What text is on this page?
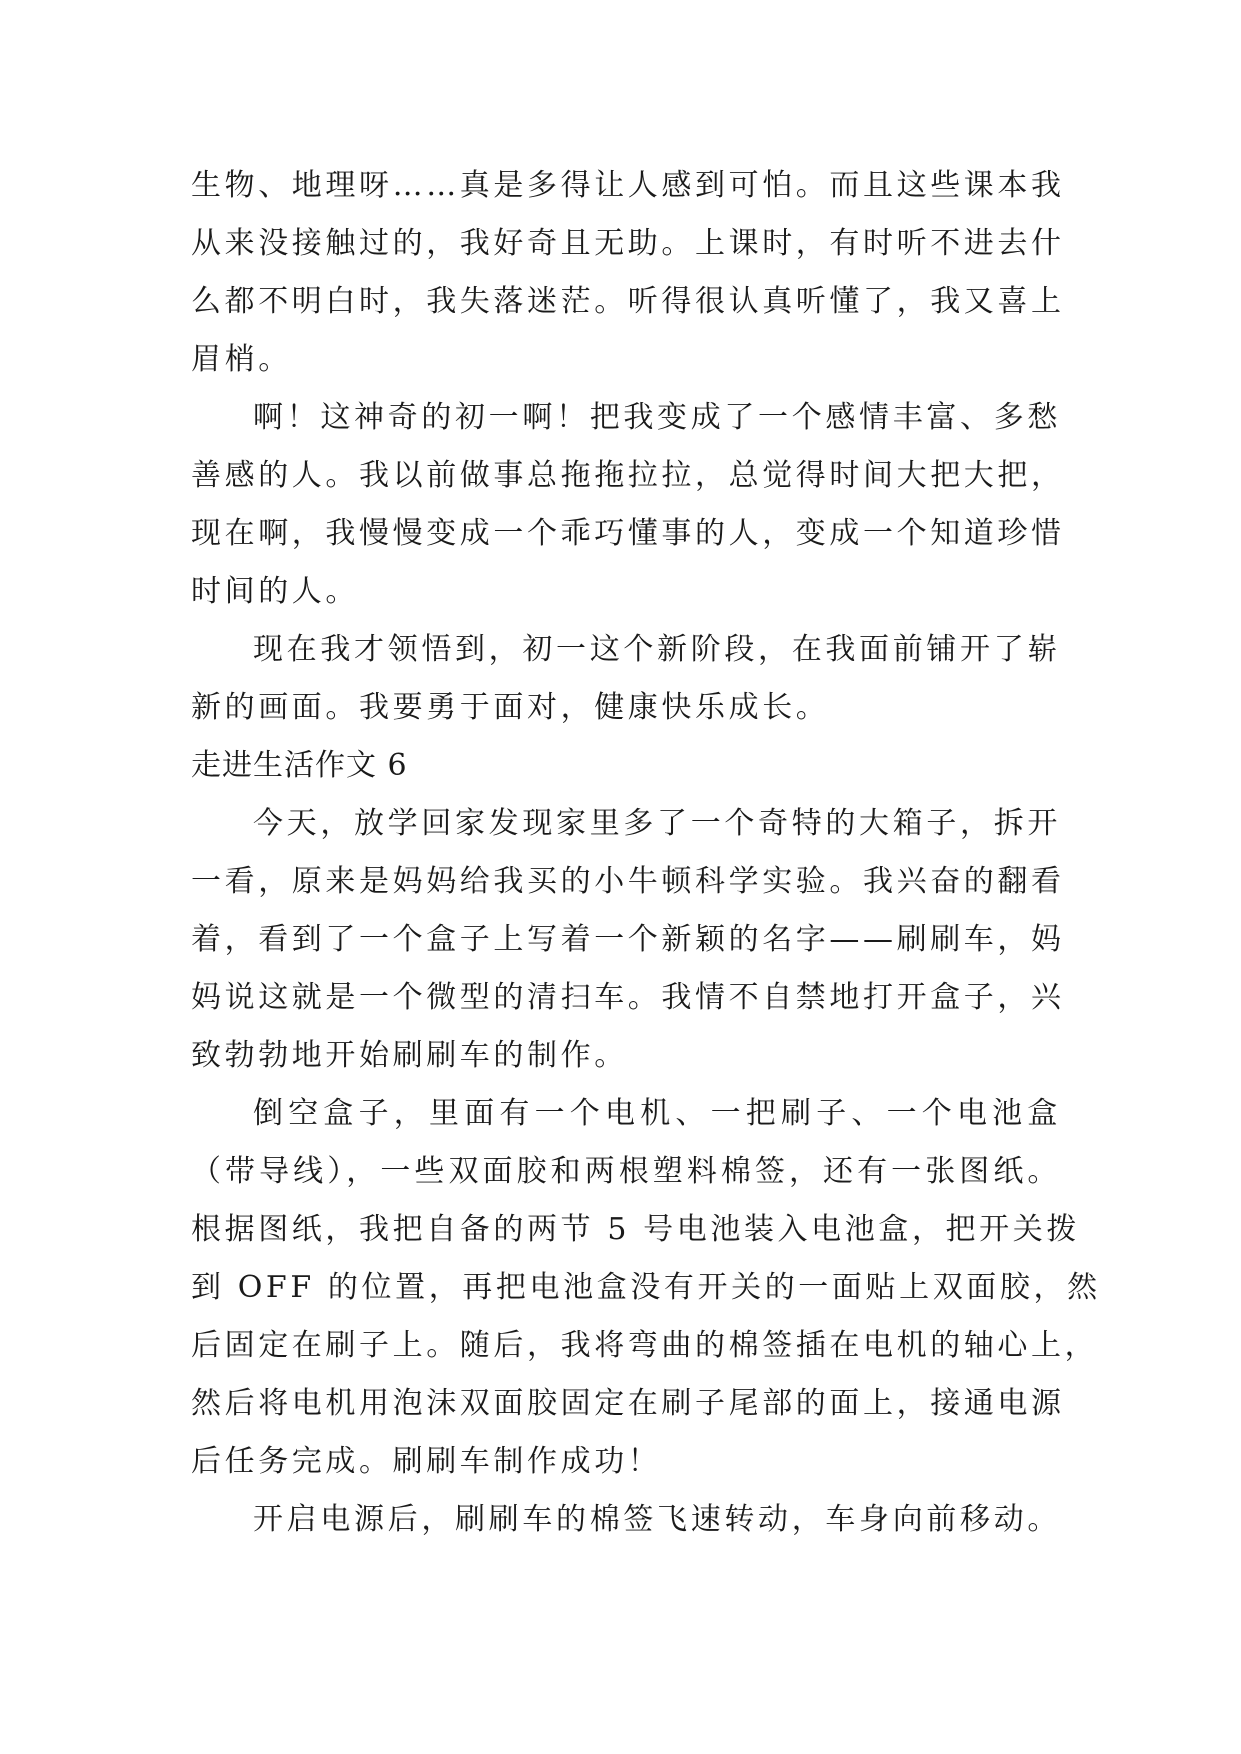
生物、地理呀……真是多得让人感到可怕。而且这些课本我
从来没接触过的，我好奇且无助。上课时，有时听不进去什
么都不明白时，我失落迷茫。听得很认真听懂了，我又喜上
眉梢。
啊！这神奇的初一啊！把我变成了一个感情丰富、多愁
善感的人。我以前做事总拖拖拉拉，总觉得时间大把大把，
现在啊，我慢慢变成一个乖巧懂事的人，变成一个知道珍惜
时间的人。
现在我才领悟到，初一这个新阶段，在我面前铺开了崭
新的画面。我要勇于面对，健康快乐成长。
走进生活作文 6
今天，放学回家发现家里多了一个奇特的大箱子，拆开
一看，原来是妈妈给我买的小牛顿科学实验。我兴奋的翻看
着，看到了一个盒子上写着一个新颖的名字——刷刷车，妈
妈说这就是一个微型的清扫车。我情不自禁地打开盒子，兴
致勃勃地开始刷刷车的制作。
倒空盒子，里面有一个电机、一把刷子、一个电池盒
（带导线），一些双面胶和两根塑料棉签，还有一张图纸。
根据图纸，我把自备的两节 5 号电池装入电池盒，把开关拨
到 OFF 的位置，再把电池盒没有开关的一面贴上双面胶，然
后固定在刷子上。随后，我将弯曲的棉签插在电机的轴心上，
然后将电机用泡沫双面胶固定在刷子尾部的面上，接通电源
后任务完成。刷刷车制作成功！
开启电源后，刷刷车的棉签飞速转动，车身向前移动。
